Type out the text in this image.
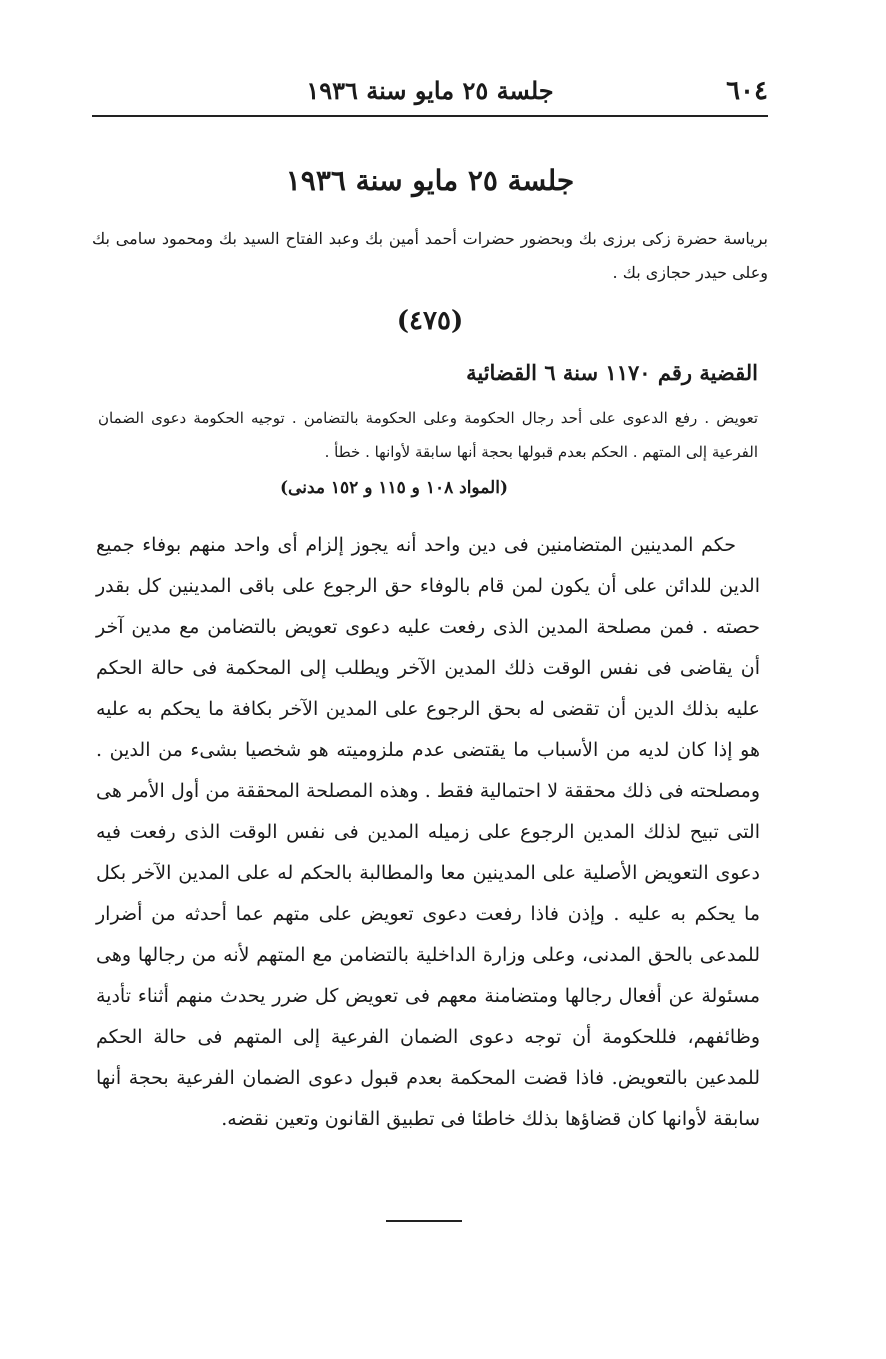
٦٠٤
جلسة ٢٥ مايو سنة ١٩٣٦
جلسة ٢٥ مايو سنة ١٩٣٦
برياسة حضرة زكى برزى بك وبحضور حضرات أحمد أمين بك وعبد الفتاح السيد بك ومحمود سامى بك وعلى حيدر حجازى بك .
(٤٧٥)
القضية رقم ١١٧٠ سنة ٦ القضائية
تعويض . رفع الدعوى على أحد رجال الحكومة وعلى الحكومة بالتضامن . توجيه الحكومة دعوى الضمان الفرعية إلى المتهم . الحكم بعدم قبولها بحجة أنها سابقة لأوانها . خطأ .
(المواد ١٠٨ و ١١٥ و ١٥٢ مدنى)

حكم المدينين المتضامنين فى دين واحد أنه يجوز إلزام أى واحد منهم بوفاء جميع الدين للدائن على أن يكون لمن قام بالوفاء حق الرجوع على باقى المدينين كل بقدر حصته . فمن مصلحة المدين الذى رفعت عليه دعوى تعويض بالتضامن مع مدين آخر أن يقاضى فى نفس الوقت ذلك المدين الآخر ويطلب إلى المحكمة فى حالة الحكم عليه بذلك الدين أن تقضى له بحق الرجوع على المدين الآخر بكافة ما يحكم به عليه هو إذا كان لديه من الأسباب ما يقتضى عدم ملزوميته هو شخصيا بشىء من الدين . ومصلحته فى ذلك محققة لا احتمالية فقط . وهذه المصلحة المحققة من أول الأمر هى التى تبيح لذلك المدين الرجوع على زميله المدين فى نفس الوقت الذى رفعت فيه دعوى التعويض الأصلية على المدينين معا والمطالبة بالحكم له على المدين الآخر بكل ما يحكم به عليه . وإذن فاذا رفعت دعوى تعويض على متهم عما أحدثه من أضرار للمدعى بالحق المدنى، وعلى وزارة الداخلية بالتضامن مع المتهم لأنه من رجالها وهى مسئولة عن أفعال رجالها ومتضامنة معهم فى تعويض كل ضرر يحدث منهم أثناء تأدية وظائفهم، فللحكومة أن توجه دعوى الضمان الفرعية إلى المتهم فى حالة الحكم للمدعين بالتعويض. فاذا قضت المحكمة بعدم قبول دعوى الضمان الفرعية بحجة أنها سابقة لأوانها كان قضاؤها بذلك خاطئا فى تطبيق القانون وتعين نقضه.
